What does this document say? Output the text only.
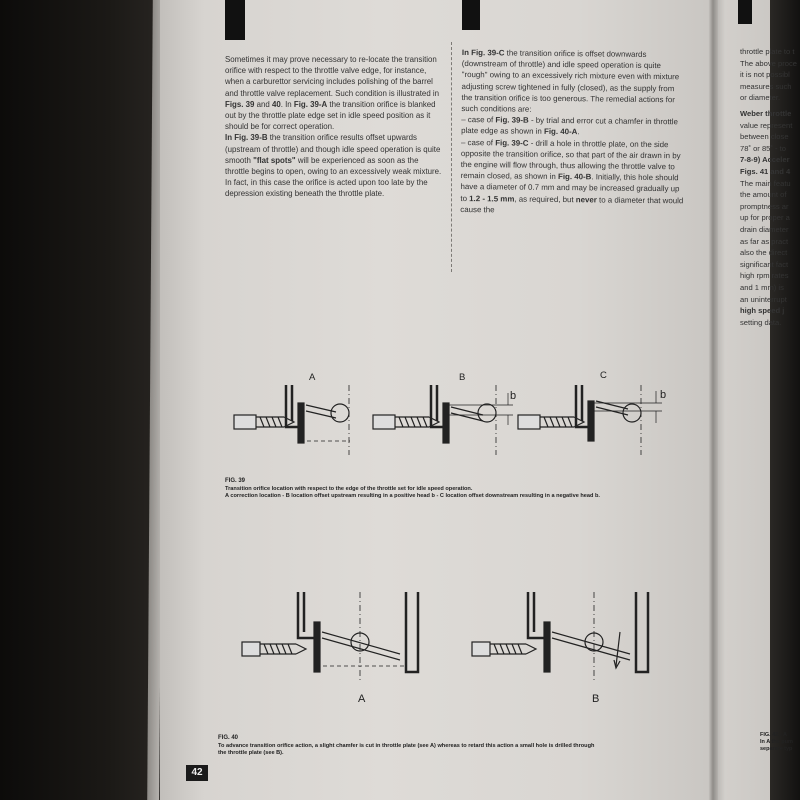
Sometimes it may prove necessary to re-locate the transition orifice with respect to the throttle valve edge, for instance, when a carburettor servicing includes polishing of the barrel and throttle valve replacement. Such condition is illustrated in Figs. 39 and 40. In Fig. 39-A the transition orifice is blanked out by the throttle plate edge set in idle speed position as it should be for correct operation.

In Fig. 39-B the transition orifice results offset upwards (upstream of throttle) and though idle speed operation is quite smooth "flat spots" will be experienced as soon as the throttle begins to open, owing to an excessively weak mixture. In fact, in this case the orifice is acted upon too late by the depression existing beneath the throttle plate.

In Fig. 39-C the transition orifice is offset downwards (downstream of throttle) and idle speed operation is quite "rough" owing to an excessively rich mixture even with mixture adjusting screw tightened in fully (closed), as the supply from the transition orifice is too generous. The remedial actions for such conditions are:

– case of Fig. 39-B - by trial and error cut a chamfer in throttle plate edge as shown in Fig. 40-A.

– case of Fig. 39-C - drill a hole in throttle plate, on the side opposite the transition orifice, so that part of the air drawn in by the engine will flow through, thus allowing the throttle valve to remain closed, as shown in Fig. 40-B. Initially, this hole should have a diameter of 0.7 mm and may be increased gradually up to 1.2 - 1.5 mm, as required, but never to a diameter that would cause the

A	B	C
b	b
FIG. 39
Transition orifice location with respect to the edge of the throttle set for idle speed operation.
A correction location - B location offset upstream resulting in a positive head b - C location offset downstream resulting in a negative head b.
A	B
FIG. 40
To advance transition orifice action, a slight chamfer is cut in throttle plate (see A) whereas to retard this action a small hole is drilled through
the throttle plate (see B).
42
throttle plate to t
The above proce
it is not possibl
measures such
or diameter.
Weber throttle
value represent
between close
78˚ or 85˚ - to
7-8-9) Acceler
Figs. 41 and 4
The main featu
the amount of
promptness ar
up for proper a
drain diameter
as far as pract
also the direct
significant fact
high rpm rates
and 1 mm) is
an uninterrupt
high speed j
setting data.
FIG. 42 - A
In A the pum
separate typ
